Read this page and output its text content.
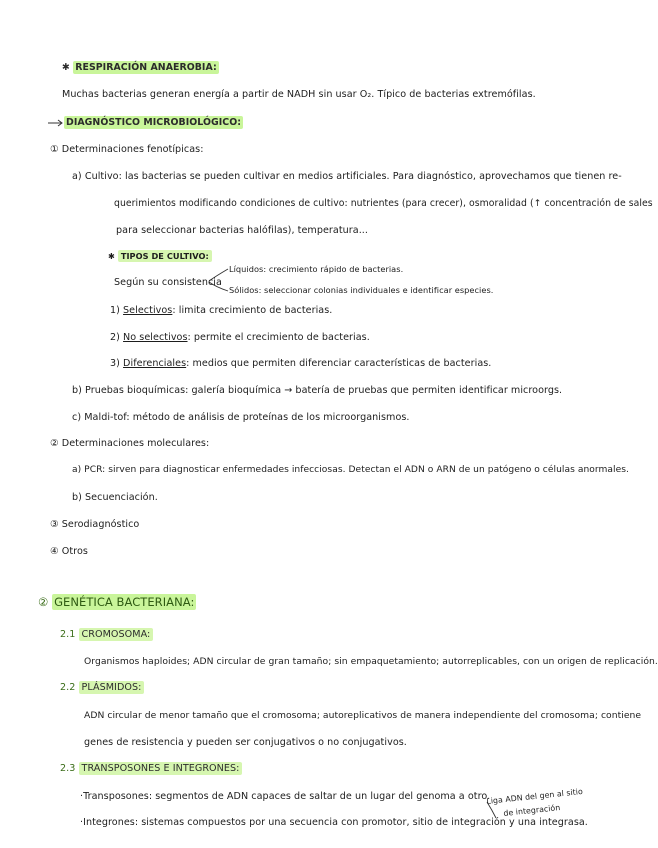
✱ RESPIRACIÓN ANAEROBIA:
Muchas bacterias generan energía a partir de NADH sin usar O₂. Típico de bacterias extremófilas.
DIAGNÓSTICO MICROBIOLÓGICO:
① Determinaciones fenotípicas:
a) Cultivo: las bacterias se pueden cultivar en medios artificiales. Para diagnóstico, aprovechamos que tienen re-
querimientos modificando condiciones de cultivo: nutrientes (para crecer), osmoralidad (↑ concentración de sales
para seleccionar bacterias halófilas), temperatura...
✱ TIPOS DE CULTIVO:
Según su consistencia
Líquidos: crecimiento rápido de bacterias.
Sólidos: seleccionar colonias individuales e identificar especies.
1) Selectivos: limita crecimiento de bacterias.
2) No selectivos: permite el crecimiento de bacterias.
3) Diferenciales: medios que permiten diferenciar características de bacterias.
b) Pruebas bioquímicas: galería bioquímica → batería de pruebas que permiten identificar microorgs.
c) Maldi-tof: método de análisis de proteínas de los microorganismos.
② Determinaciones moleculares:
a) PCR: sirven para diagnosticar enfermedades infecciosas. Detectan el ADN o ARN de un patógeno o células anormales.
b) Secuenciación.
③ Serodiagnóstico
④ Otros
② GENÉTICA BACTERIANA:
2.1 CROMOSOMA:
Organismos haploides; ADN circular de gran tamaño; sin empaquetamiento; autorreplicables, con un origen de replicación.
2.2 PLÁSMIDOS:
ADN circular de menor tamaño que el cromosoma; autoreplicativos de manera independiente del cromosoma; contiene
genes de resistencia y pueden ser conjugativos o no conjugativos.
2.3 TRANSPOSONES E INTEGRONES:
·Transposones: segmentos de ADN capaces de saltar de un lugar del genoma a otro.
·Integrones: sistemas compuestos por una secuencia con promotor, sitio de integración y una integrasa.
Liga ADN del gen al sitio
de integración
